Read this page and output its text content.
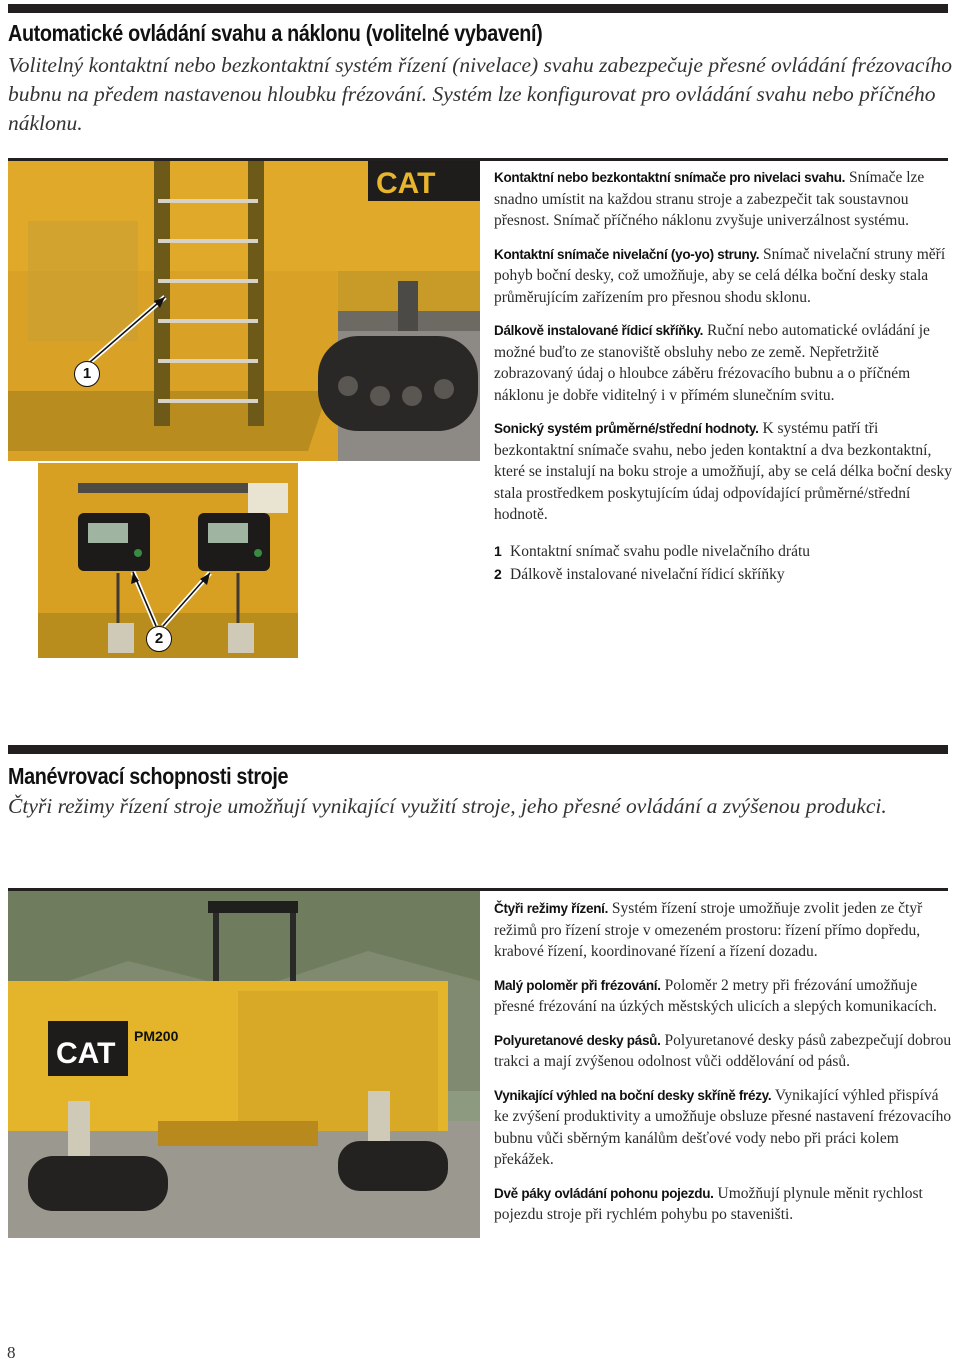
Automatické ovládání svahu a náklonu (volitelné vybavení)

Volitelný kontaktní nebo bezkontaktní systém řízení (nivelace) svahu zabezpečuje přesné ovládání frézovacího bubnu na předem nastavenou hloubku frézování. Systém lze konfigurovat pro ovládání svahu nebo příčného náklonu.

CAT
1
2

Kontaktní nebo bezkontaktní snímače pro nivelaci svahu. Snímače lze snadno umístit na každou stranu stroje a zabezpečit tak soustavnou přesnost. Snímač příčného náklonu zvyšuje univerzálnost systému.

Kontaktní snímače nivelační (yo-yo) struny. Snímač nivelační struny měří pohyb boční desky, což umožňuje, aby se celá délka boční desky stala průměrujícím zařízením pro přesnou shodu sklonu.

Dálkově instalované řídicí skříňky. Ruční nebo automatické ovládání je možné buďto ze stanoviště obsluhy nebo ze země. Nepřetržitě zobrazovaný údaj o hloubce záběru frézovacího bubnu a o příčném náklonu je dobře viditelný i v přímém slunečním svitu.

Sonický systém průměrné/střední hodnoty. K systému patří tři bezkontaktní snímače svahu, nebo jeden kontaktní a dva bezkontaktní, které se instalují na boku stroje a umožňují, aby se celá délka boční desky stala prostředkem poskytujícím údaj odpovídající průměrné/střední hodnotě.

1 Kontaktní snímač svahu podle nivelačního drátu
2 Dálkově instalované nivelační řídicí skříňky
Manévrovací schopnosti stroje

Čtyři režimy řízení stroje umožňují vynikající využití stroje, jeho přesné ovládání a zvýšenou produkci.

CAT
PM200

Čtyři režimy řízení. Systém řízení stroje umožňuje zvolit jeden ze čtyř režimů pro řízení stroje v omezeném prostoru: řízení přímo dopředu, krabové řízení, koordinované řízení a řízení dozadu.

Malý poloměr při frézování. Poloměr 2 metry při frézování umožňuje přesné frézování na úzkých městských ulicích a slepých komunikacích.

Polyuretanové desky pásů. Polyuretanové desky pásů zabezpečují dobrou trakci a mají zvýšenou odolnost vůči oddělování od pásů.

Vynikající výhled na boční desky skříně frézy. Vynikající výhled přispívá ke zvýšení produktivity a umožňuje obsluze přesné nastavení frézovacího bubnu vůči sběrným kanálům dešťové vody nebo při práci kolem překážek.

Dvě páky ovládání pohonu pojezdu. Umožňují plynule měnit rychlost pojezdu stroje při rychlém pohybu po staveništi.

8
